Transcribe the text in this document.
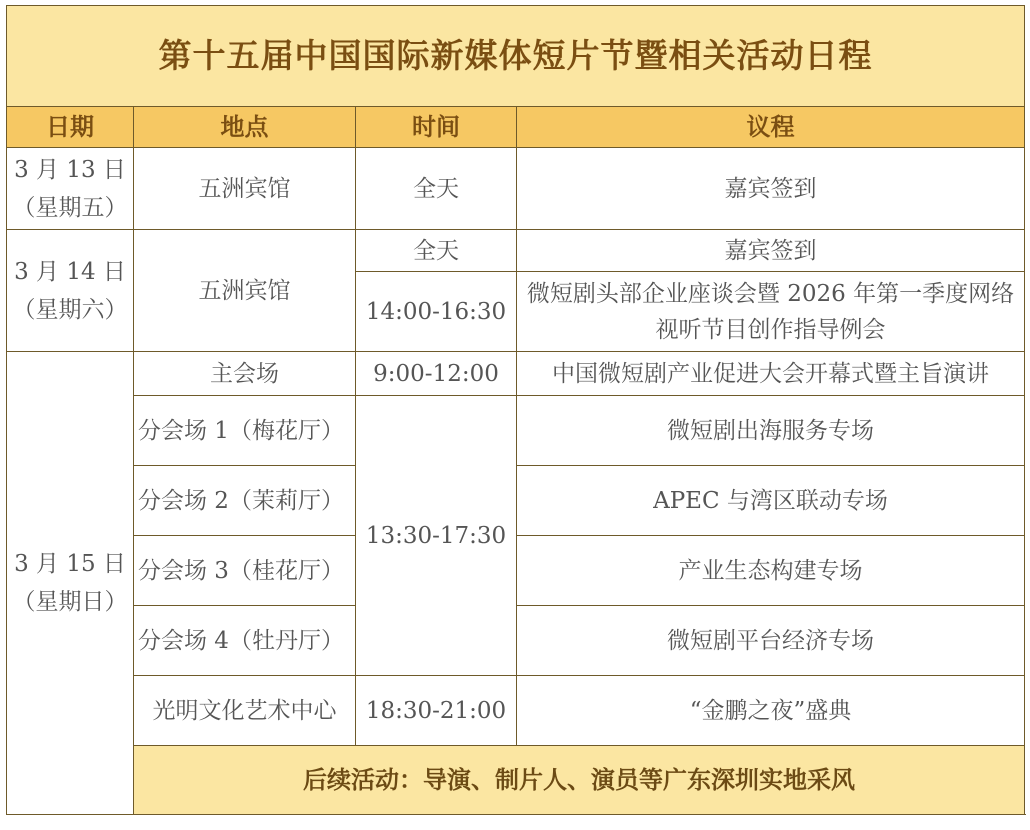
第十五届中国国际新媒体短片节暨相关活动日程			
日期	地点	时间	议程

3 月 13 日
（星期五）	五洲宾馆	全天	嘉宾签到

3 月 14 日
（星期六）	五洲宾馆	全天	嘉宾签到
		14:00-16:30	微短剧头部企业座谈会暨 2026 年第一季度网络视听节目创作指导例会

3 月 15 日
（星期日）	主会场	9:00-12:00	中国微短剧产业促进大会开幕式暨主旨演讲
	分会场 1（梅花厅）	13:30-17:30	微短剧出海服务专场
	分会场 2（茉莉厅）		APEC 与湾区联动专场
	分会场 3（桂花厅）		产业生态构建专场
	分会场 4（牡丹厅）		微短剧平台经济专场
	光明文化艺术中心	18:30-21:00	“金鹏之夜”盛典
	后续活动：导演、制片人、演员等广东深圳实地采风		
